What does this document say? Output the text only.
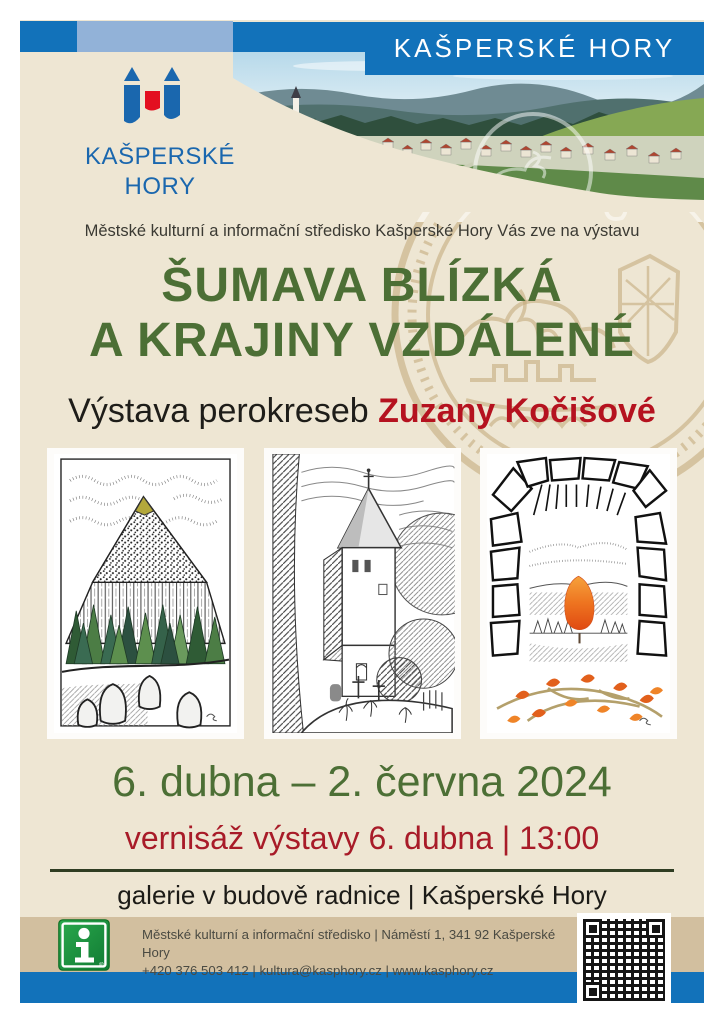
KAŠPERSKÉ HORY
KAŠPERSKÉ
HORY
Městské kulturní a informační středisko Kašperské Hory Vás zve na výstavu
ŠUMAVA BLÍZKÁ
A KRAJINY VZDÁLENÉ
Výstava perokreseb Zuzany Kočišové
6. dubna – 2. června 2024
vernisáž výstavy 6. dubna | 13:00
galerie v budově radnice | Kašperské Hory
®
Městské kulturní a informační středisko | Náměstí 1, 341 92 Kašperské Hory
+420 376 503 412 | kultura@kasphory.cz | www.kasphory.cz
